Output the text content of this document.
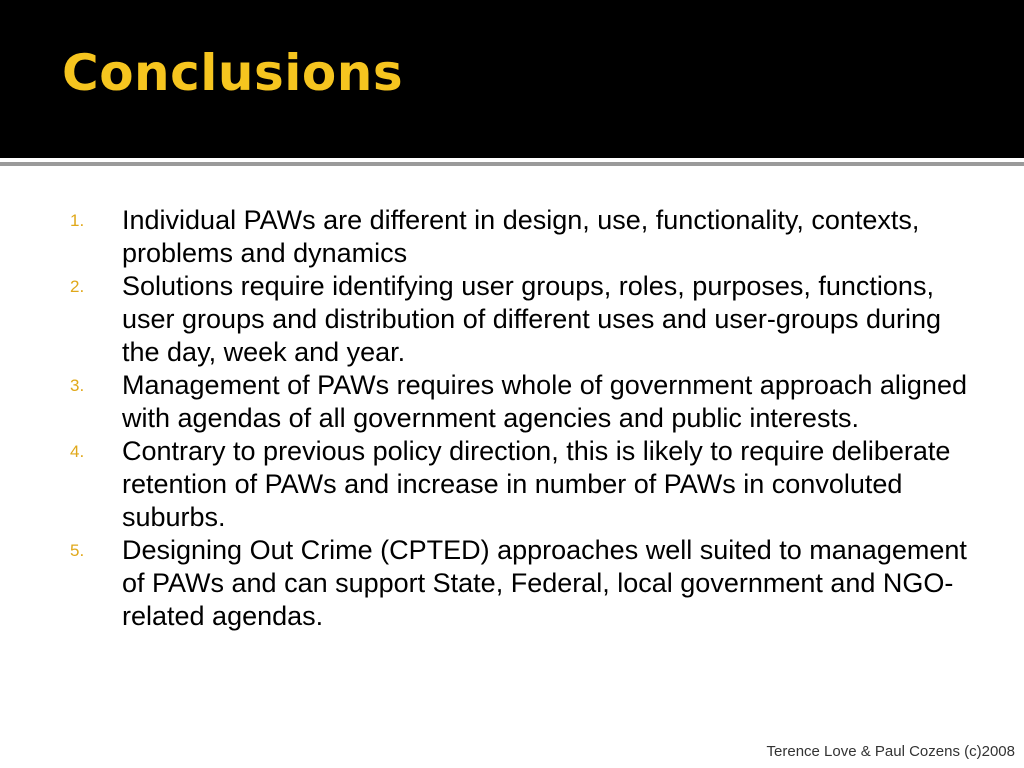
Conclusions
1. Individual PAWs are different in design, use, functionality, contexts, problems and dynamics
2. Solutions require identifying user groups, roles, purposes, functions, user groups and distribution of different uses and user-groups during the day, week and year.
3. Management of PAWs requires whole of government approach aligned with agendas of all government agencies and public interests.
4. Contrary to previous policy direction, this is likely to require deliberate retention of PAWs and increase in number of PAWs in convoluted suburbs.
5. Designing Out Crime (CPTED) approaches well suited to management of PAWs and can support State, Federal, local government and NGO-related agendas.
Terence Love & Paul Cozens (c)2008
